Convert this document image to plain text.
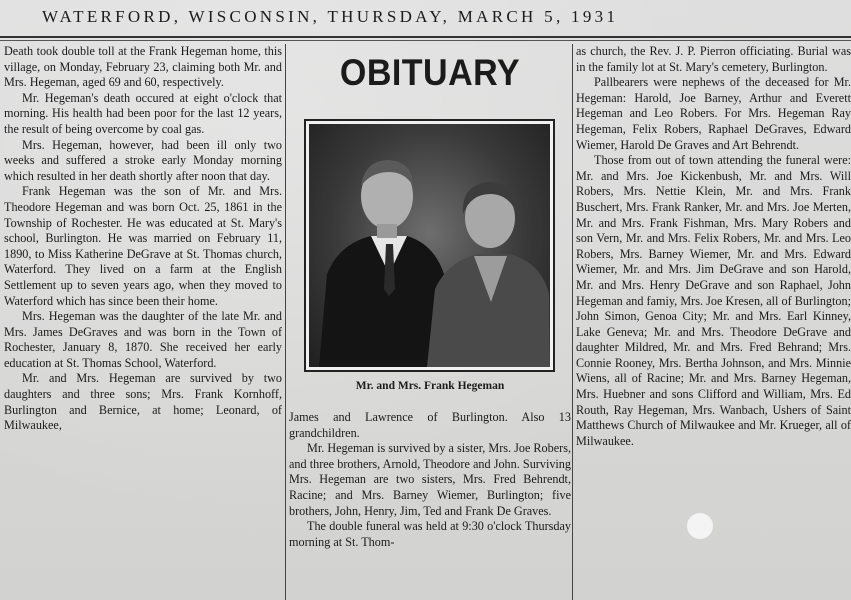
WATERFORD, WISCONSIN, THURSDAY, MARCH 5, 1931

Death took double toll at the Frank Hegeman home, this village, on Monday, February 23, claiming both Mr. and Mrs. Hegeman, aged 69 and 60, respectively.

Mr. Hegeman's death occured at eight o'clock that morning. His health had been poor for the last 12 years, the result of being overcome by coal gas.

Mrs. Hegeman, however, had been ill only two weeks and suffered a stroke early Monday morning which resulted in her death shortly after noon that day.

Frank Hegeman was the son of Mr. and Mrs. Theodore Hegeman and was born Oct. 25, 1861 in the Township of Rochester. He was educated at St. Mary's school, Burlington. He was married on February 11, 1890, to Miss Katherine DeGrave at St. Thomas church, Waterford. They lived on a farm at the English Settlement up to seven years ago, when they moved to Waterford which has since been their home.

Mrs. Hegeman was the daughter of the late Mr. and Mrs. James DeGraves and was born in the Town of Rochester, January 8, 1870. She received her early education at St. Thomas School, Waterford.

Mr. and Mrs. Hegeman are survived by two daughters and three sons; Mrs. Frank Kornhoff, Burlington and Bernice, at home; Leonard, of Milwaukee,

OBITUARY
Mr. and Mrs. Frank Hegeman

James and Lawrence of Burlington. Also 13 grandchildren.

Mr. Hegeman is survived by a sister, Mrs. Joe Robers, and three brothers, Arnold, Theodore and John. Surviving Mrs. Hegeman are two sisters, Mrs. Fred Behrendt, Racine; and Mrs. Barney Wiemer, Burlington; five brothers, John, Henry, Jim, Ted and Frank De Graves.

The double funeral was held at 9:30 o'clock Thursday morning at St. Thom-

as church, the Rev. J. P. Pierron officiating. Burial was in the family lot at St. Mary's cemetery, Burlington.

Pallbearers were nephews of the deceased for Mr. Hegeman: Harold, Joe Barney, Arthur and Everett Hegeman and Leo Robers. For Mrs. Hegeman Ray Hegeman, Felix Robers, Raphael DeGraves, Edward Wiemer, Harold De Graves and Art Behrendt.

Those from out of town attending the funeral were: Mr. and Mrs. Joe Kickenbush, Mr. and Mrs. Will Robers, Mrs. Nettie Klein, Mr. and Mrs. Frank Buschert, Mrs. Frank Ranker, Mr. and Mrs. Joe Merten, Mr. and Mrs. Frank Fishman, Mrs. Mary Robers and son Vern, Mr. and Mrs. Felix Robers, Mr. and Mrs. Leo Robers, Mrs. Barney Wiemer, Mr. and Mrs. Edward Wiemer, Mr. and Mrs. Jim DeGrave and son Harold, Mr. and Mrs. Henry DeGrave and son Raphael, John Hegeman and famiy, Mrs. Joe Kresen, all of Burlington; John Simon, Genoa City; Mr. and Mrs. Earl Kinney, Lake Geneva; Mr. and Mrs. Theodore DeGrave and daughter Mildred, Mr. and Mrs. Fred Behrand; Mrs. Connie Rooney, Mrs. Bertha Johnson, and Mrs. Minnie Wiens, all of Racine; Mr. and Mrs. Barney Hegeman, Mrs. Huebner and sons Clifford and William, Mrs. Ed Routh, Ray Hegeman, Mrs. Wanbach, Ushers of Saint Matthews Church of Milwaukee and Mr. Krueger, all of Milwaukee.
